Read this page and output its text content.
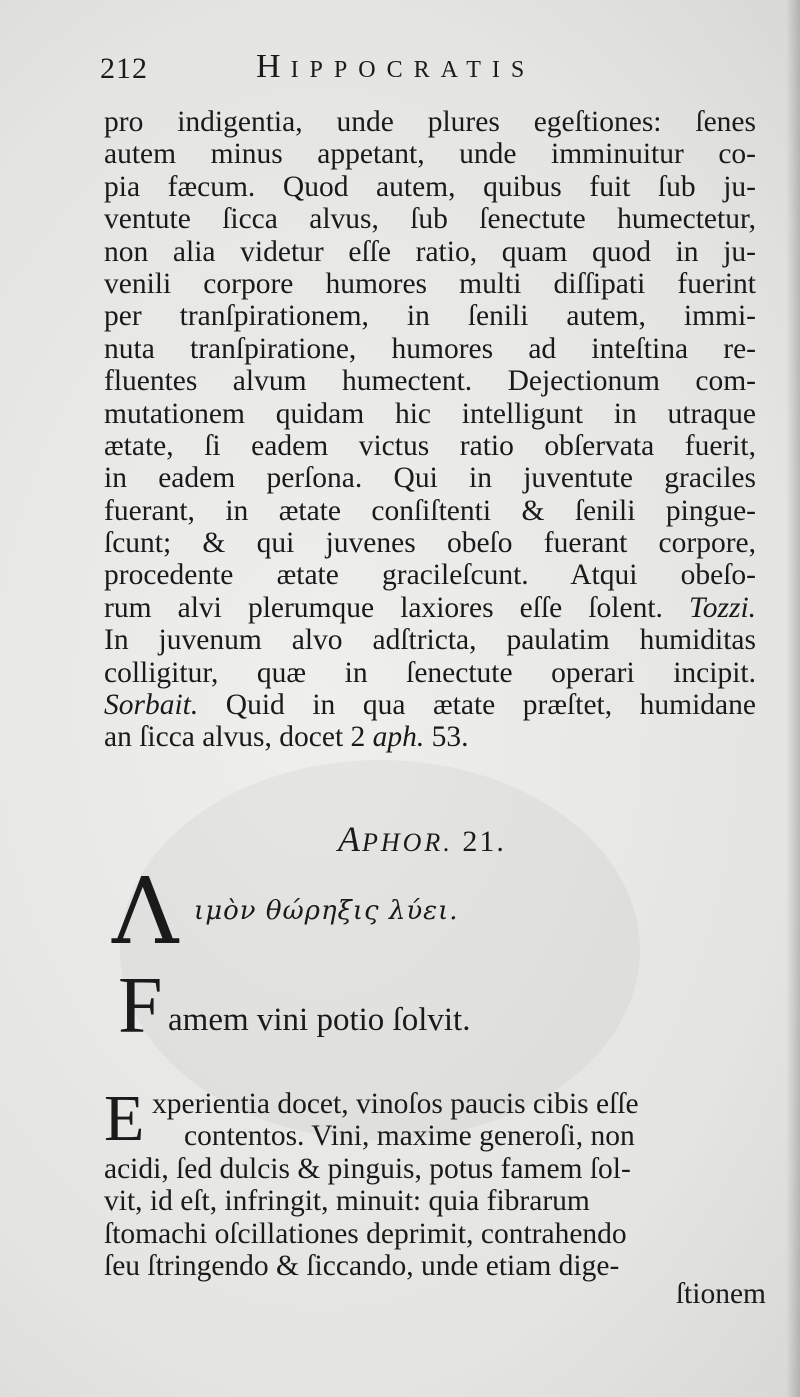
212	HIPPOCRATIS
pro indigentia, unde plures egeſtiones: ſenes
autem minus appetant, unde imminuitur co-
pia fæcum. Quod autem, quibus fuit ſub ju-
ventute ſicca alvus, ſub ſenectute humectetur,
non alia videtur eſſe ratio, quam quod in ju-
venili corpore humores multi diſſipati fuerint
per tranſpirationem, in ſenili autem, immi-
nuta tranſpiratione, humores ad inteſtina re-
fluentes alvum humectent. Dejectionum com-
mutationem quidam hic intelligunt in utraque
ætate, ſi eadem victus ratio obſervata fuerit,
in eadem perſona. Qui in juventute graciles
fuerant, in ætate conſiſtenti & ſenili pingue-
ſcunt; & qui juvenes obeſo fuerant corpore,
procedente ætate gracileſcunt. Atqui obeſo-
rum alvi plerumque laxiores eſſe ſolent. Tozzi.
In juvenum alvo adſtricta, paulatim humiditas
colligitur, quæ in ſenectute operari incipit.
Sorbait. Quid in qua ætate præſtet, humidane
an ſicca alvus, docet 2 aph. 53.
APHOR. 21.
Λ ιμὸν θώρηξις λύει.
F amem vini potio ſolvit.
E xperientia docet, vinoſos paucis cibis eſſe
contentos. Vini, maxime generoſi, non
acidi, ſed dulcis & pinguis, potus famem ſol-
vit, id eſt, infringit, minuit: quia fibrarum
ſtomachi oſcillationes deprimit, contrahendo
ſeu ſtringendo & ſiccando, unde etiam dige-
ſtionem
